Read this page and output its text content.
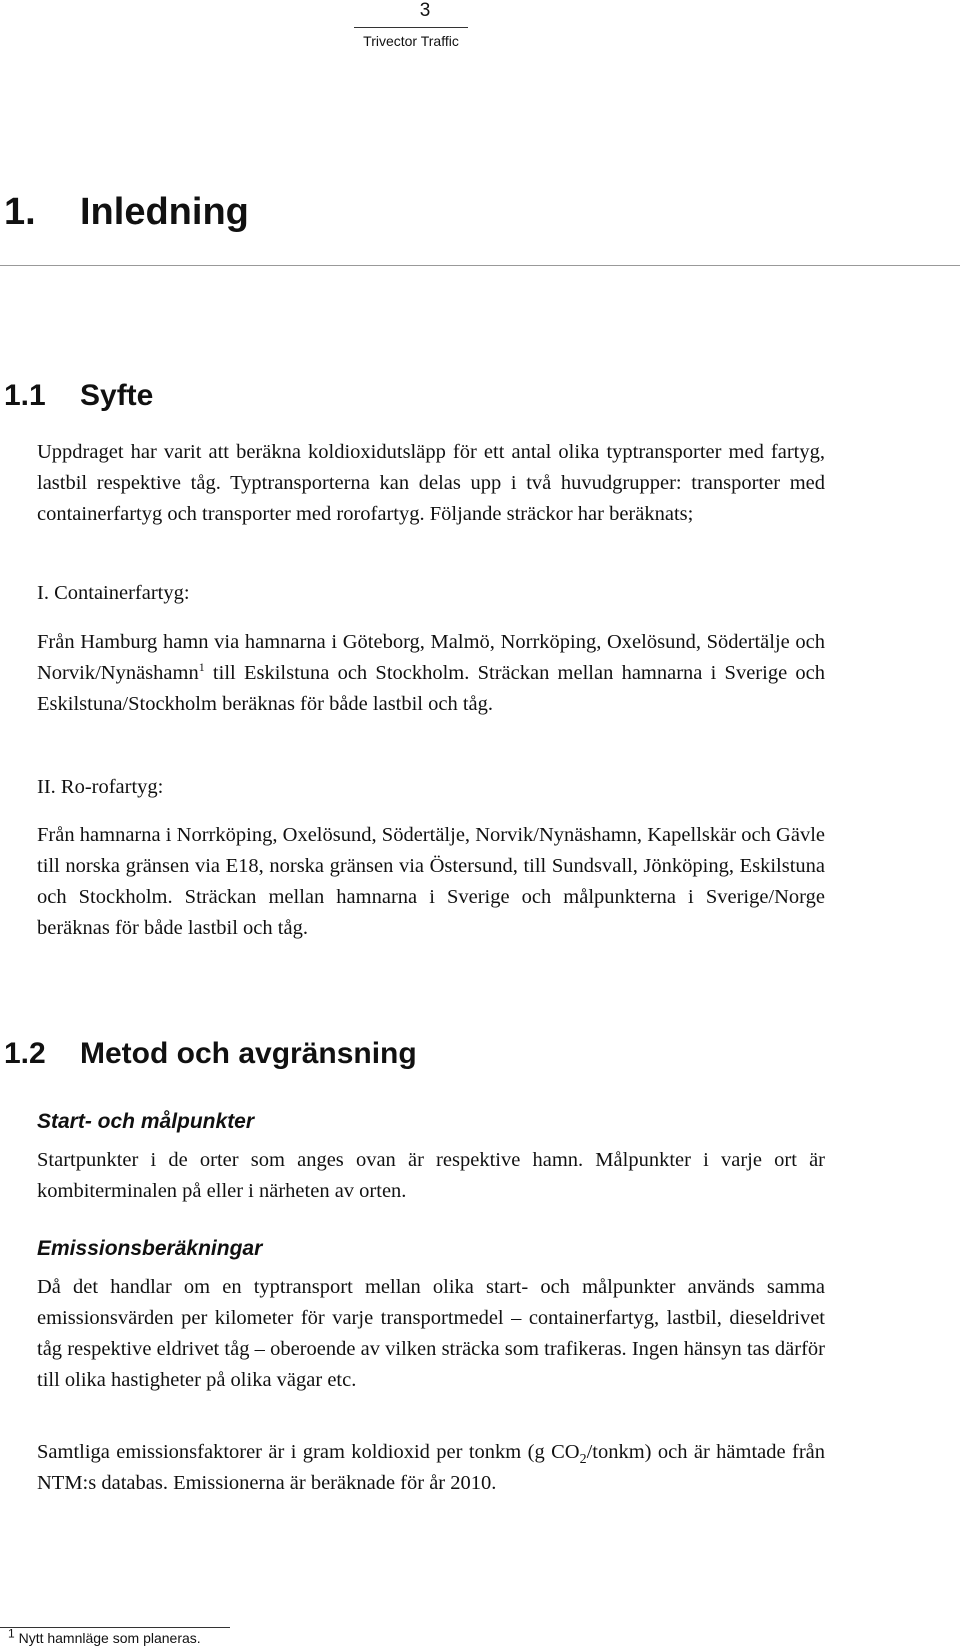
3
Trivector Traffic
1. Inledning
1.1 Syfte

Uppdraget har varit att beräkna koldioxidutsläpp för ett antal olika typtransporter med fartyg, lastbil respektive tåg. Typtransporterna kan delas upp i två huvudgrupper: transporter med containerfartyg och transporter med rorofartyg. Följande sträckor har beräknats;

I. Containerfartyg:

Från Hamburg hamn via hamnarna i Göteborg, Malmö, Norrköping, Oxelösund, Södertälje och Norvik/Nynäshamn$^1$ till Eskilstuna och Stockholm. Sträckan mellan hamnarna i Sverige och Eskilstuna/Stockholm beräknas för både lastbil och tåg.

II. Ro-rofartyg:

Från hamnarna i Norrköping, Oxelösund, Södertälje, Norvik/Nynäshamn, Kapellskär och Gävle till norska gränsen via E18, norska gränsen via Östersund, till Sundsvall, Jönköping, Eskilstuna och Stockholm. Sträckan mellan hamnarna i Sverige och målpunkterna i Sverige/Norge beräknas för både lastbil och tåg.

1.2 Metod och avgränsning
Start- och målpunkter

Startpunkter i de orter som anges ovan är respektive hamn. Målpunkter i varje ort är kombiterminalen på eller i närheten av orten.

Emissionsberäkningar

Då det handlar om en typtransport mellan olika start- och målpunkter används samma emissionsvärden per kilometer för varje transportmedel – containerfartyg, lastbil, dieseldrivet tåg respektive eldrivet tåg – oberoende av vilken sträcka som trafikeras. Ingen hänsyn tas därför till olika hastigheter på olika vägar etc.

Samtliga emissionsfaktorer är i gram koldioxid per tonkm (g $CO_2/tonkm$) och är hämtade från NTM:s databas. Emissionerna är beräknade för år 2010.

$^1$ Nytt hamnläge som planeras.
